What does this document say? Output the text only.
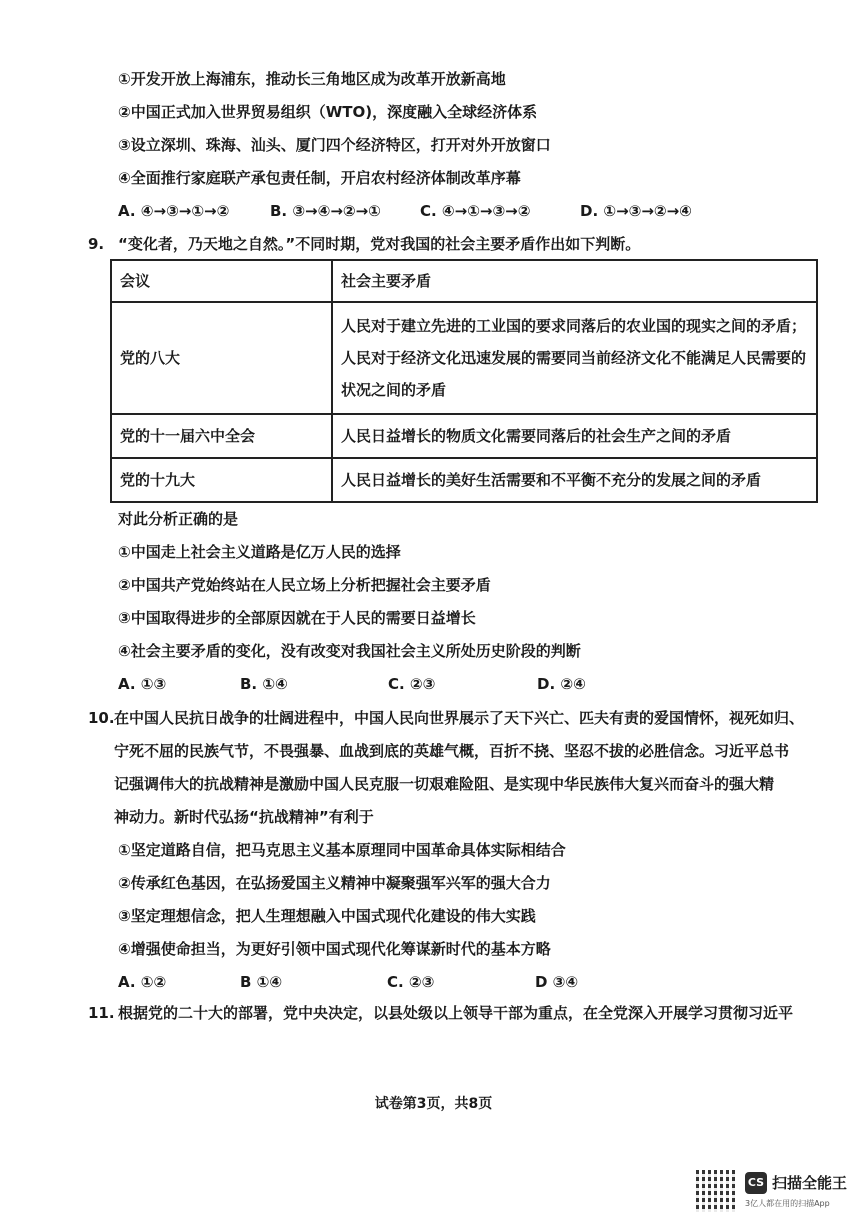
①开发开放上海浦东，推动长三角地区成为改革开放新高地
②中国正式加入世界贸易组织（WTO)，深度融入全球经济体系
③设立深圳、珠海、汕头、厦门四个经济特区，打开对外开放窗口
④全面推行家庭联产承包责任制，开启农村经济体制改革序幕
A. ④→③→①→②	B. ③→④→②→①	C. ④→①→③→②	D. ①→③→②→④
9. “变化者，乃天地之自然。”不同时期，党对我国的社会主要矛盾作出如下判断。
会议	社会主要矛盾
党的八大	人民对于建立先进的工业国的要求同落后的农业国的现实之间的矛盾；
人民对于经济文化迅速发展的需要同当前经济文化不能满足人民需要的
状况之间的矛盾

党的十一届六中全会	人民日益增长的物质文化需要同落后的社会生产之间的矛盾
党的十九大	人民日益增长的美好生活需要和不平衡不充分的发展之间的矛盾
对此分析正确的是
①中国走上社会主义道路是亿万人民的选择
②中国共产党始终站在人民立场上分析把握社会主要矛盾
③中国取得进步的全部原因就在于人民的需要日益增长
④社会主要矛盾的变化，没有改变对我国社会主义所处历史阶段的判断
A. ①③	B. ①④	C. ②③	D. ②④
10. 在中国人民抗日战争的壮阔进程中，中国人民向世界展示了天下兴亡、匹夫有责的爱国情怀，视死如归、
宁死不屈的民族气节，不畏强暴、血战到底的英雄气概，百折不挠、坚忍不拔的必胜信念。习近平总书
记强调伟大的抗战精神是激励中国人民克服一切艰难险阻、是实现中华民族伟大复兴而奋斗的强大精
神动力。新时代弘扬“抗战精神”有利于
①坚定道路自信，把马克思主义基本原理同中国革命具体实际相结合
②传承红色基因，在弘扬爱国主义精神中凝聚强军兴军的强大合力
③坚定理想信念，把人生理想融入中国式现代化建设的伟大实践
④增强使命担当，为更好引领中国式现代化筹谋新时代的基本方略
A. ①②	B ①④	C. ②③	D ③④
11. 根据党的二十大的部署，党中央决定，以县处级以上领导干部为重点，在全党深入开展学习贯彻习近平
试卷第3页，共8页
CS 扫描全能王
3亿人都在用的扫描App
